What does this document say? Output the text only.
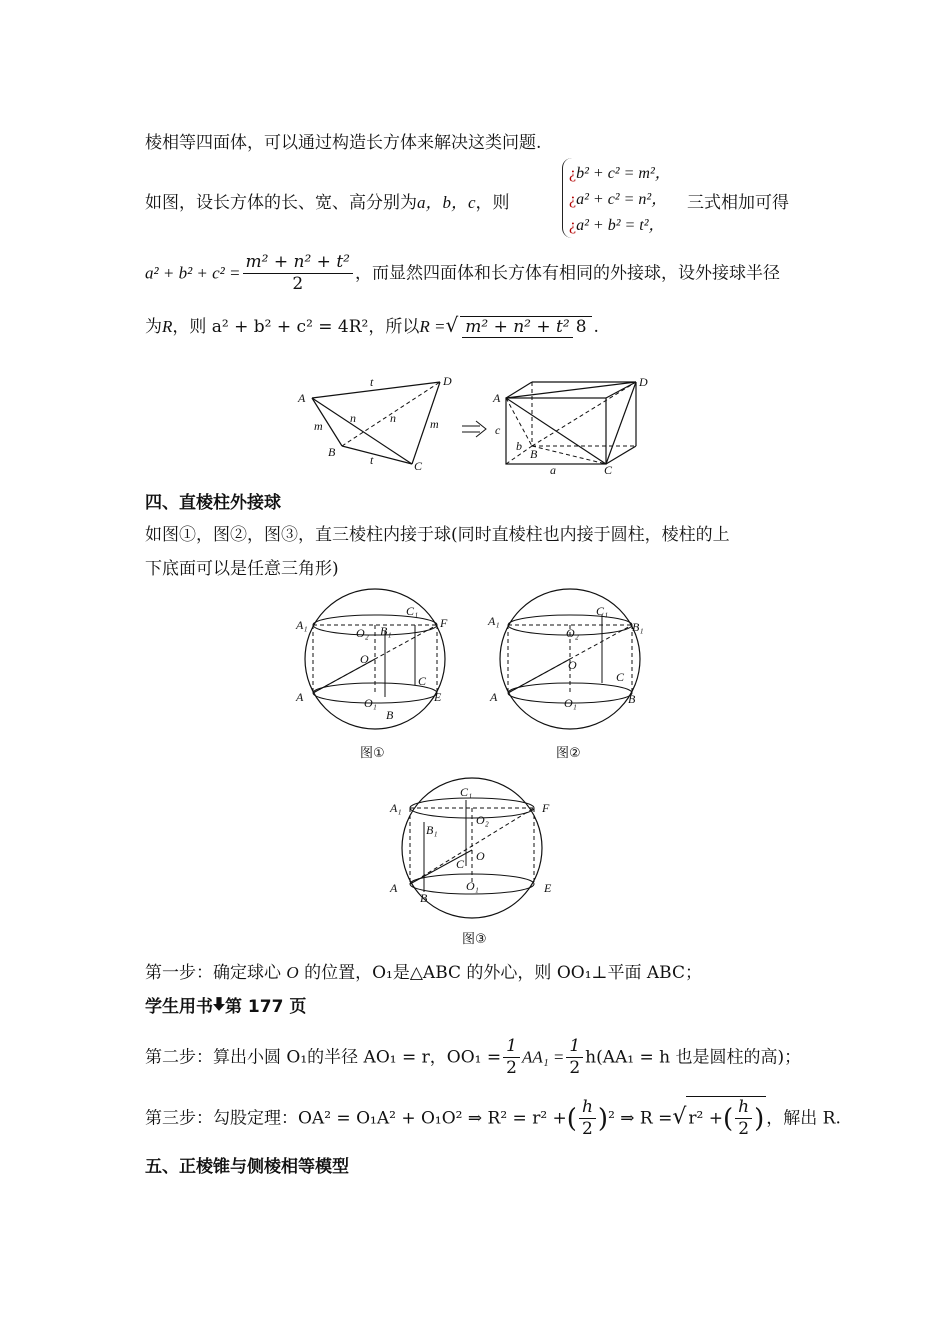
棱相等四面体，可以通过构造长方体来解决这类问题.
如图，设长方体的长、宽、高分别为a，b，c，则
¿b² + c² = m²，
¿a² + c² = n²，
¿a² + b² = t²，
三式相加可得
$a^2 + b^2 + c^2 = \frac{\text{m² + n² + t²}}{2}$ ，而显然四面体和长方体有相同的外接球，设外接球半径
为R，则 a² + b² + c² = 4R²，所以R =√ m² + n² + t² 8 .
A
t	D
m
n	n	m
B
t	C
A
D
c
b
B
a	C
四、直棱柱外接球
如图①，图②，图③，直三棱柱内接于球(同时直棱柱也内接于圆柱，棱柱的上
下底面可以是任意三角形)
A₁
C₁
F
O₂ B₁
O
C
A	O₁	E
B
图①
A₁
C₁
B₁
O₂
O
C
A	O₁	B
图②
A₁
C₁
F
B₁
O₂
O
C
A	O₁	E
B
图③
第一步：确定球心 O 的位置，O₁是△ABC 的外心，则 OO₁⊥平面 ABC；
学生用书 第 177 页
第二步：算出小圆 O₁的半径 AO₁ = r，$OO_1 = \frac{1}{2} AA_1 = \frac{1}{2} h(AA_1 = h$ 也是圆柱的高)；
第三步：勾股定理：OA² = O₁A² + O₁O² ⇒ R² = r² +( $\frac{h}{2} )^2$ ⇒ R =√ r² +( $\frac{h}{2}$ ) ，解出 R.
五、正棱锥与侧棱相等模型
